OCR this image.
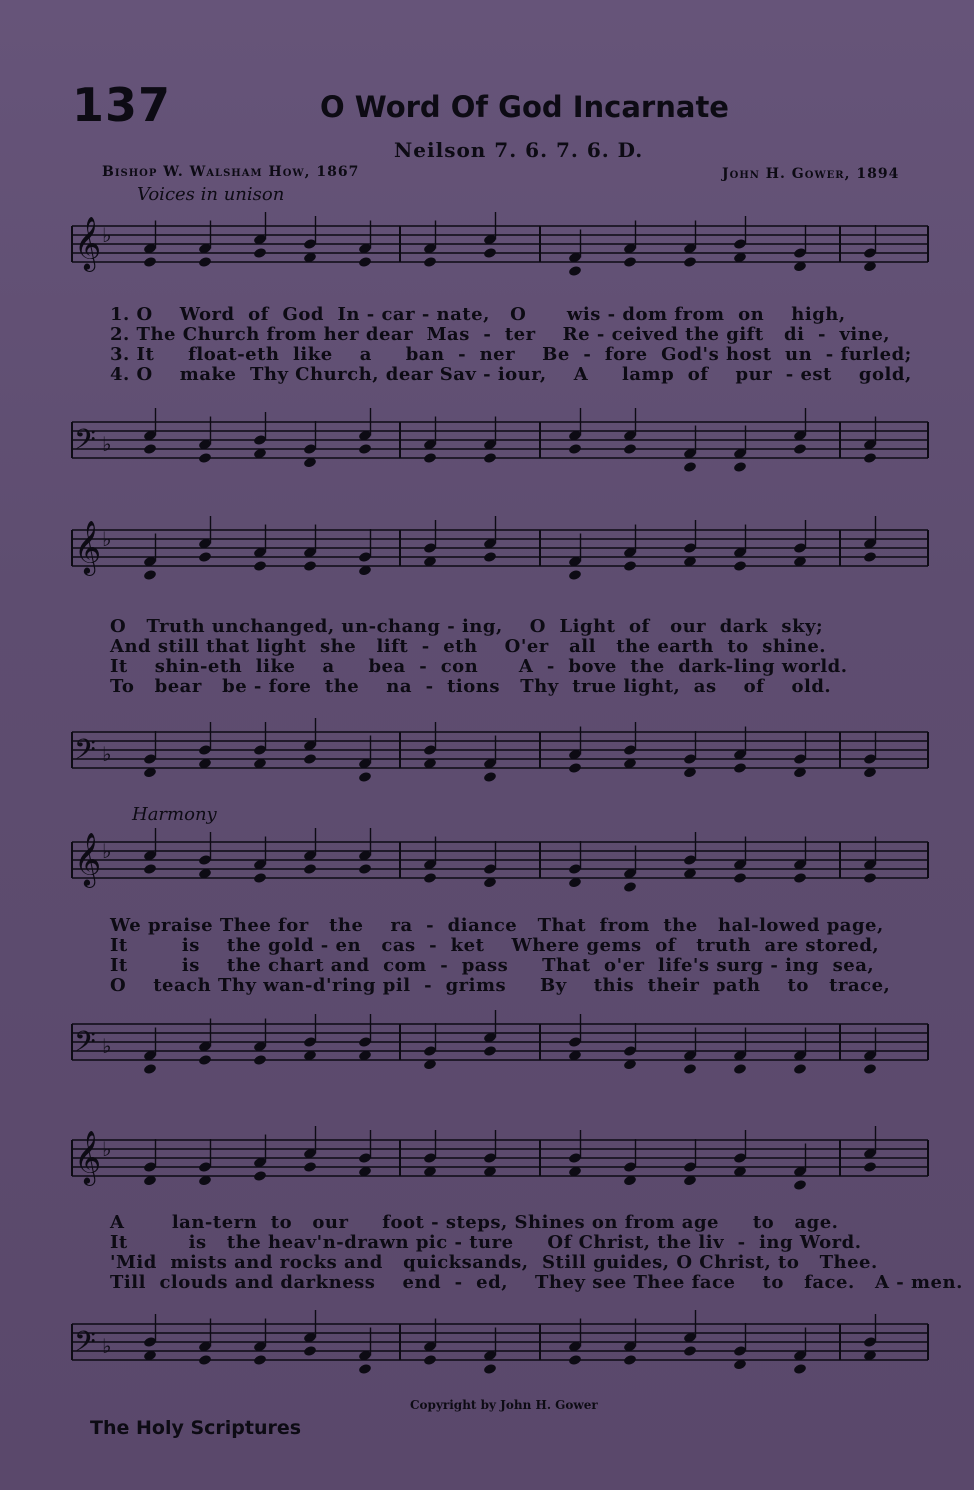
137	O Word Of God Incarnate
Neilson 7. 6. 7. 6. D.
Bishop W. Walsham How, 1867	John H. Gower, 1894
Voices in unison
Harmony
𝄞 ♭
1. O    Word  of  God  In - car - nate,   O      wis - dom from  on    high,
2. The Church from her dear  Mas  -  ter    Re - ceived the gift   di  -  vine,
3. It     float-eth  like    a     ban  -  ner    Be  -  fore  God's host  un  - furled;
4. O    make  Thy Church, dear Sav - iour,    A     lamp  of    pur  - est    gold,
𝄢 ♭
𝄞 ♭
O   Truth unchanged, un-chang - ing,    O  Light  of   our  dark  sky;
And still that light  she   lift  -  eth    O'er   all   the earth  to  shine.
It    shin-eth  like    a     bea  -  con      A  -  bove  the  dark-ling world.
To   bear   be - fore  the    na  -  tions   Thy  true light,  as    of    old.
𝄢 ♭
𝄞 ♭
We praise Thee for   the    ra  -  diance   That  from  the   hal-lowed page,
It        is    the gold - en   cas  -  ket    Where gems  of   truth  are stored,
It        is    the chart and  com  -  pass     That  o'er  life's surg - ing  sea,
O    teach Thy wan-d'ring pil  -  grims     By    this  their  path    to   trace,
𝄢 ♭
𝄞 ♭
A       lan-tern  to   our     foot - steps, Shines on from age     to   age.
It         is   the heav'n-drawn pic - ture     Of Christ, the liv  -  ing Word.
'Mid  mists and rocks and   quicksands,  Still guides, O Christ, to   Thee.
Till  clouds and darkness    end  -  ed,    They see Thee face    to   face.   A - men.
𝄢 ♭
Copyright by John H. Gower
The Holy Scriptures
